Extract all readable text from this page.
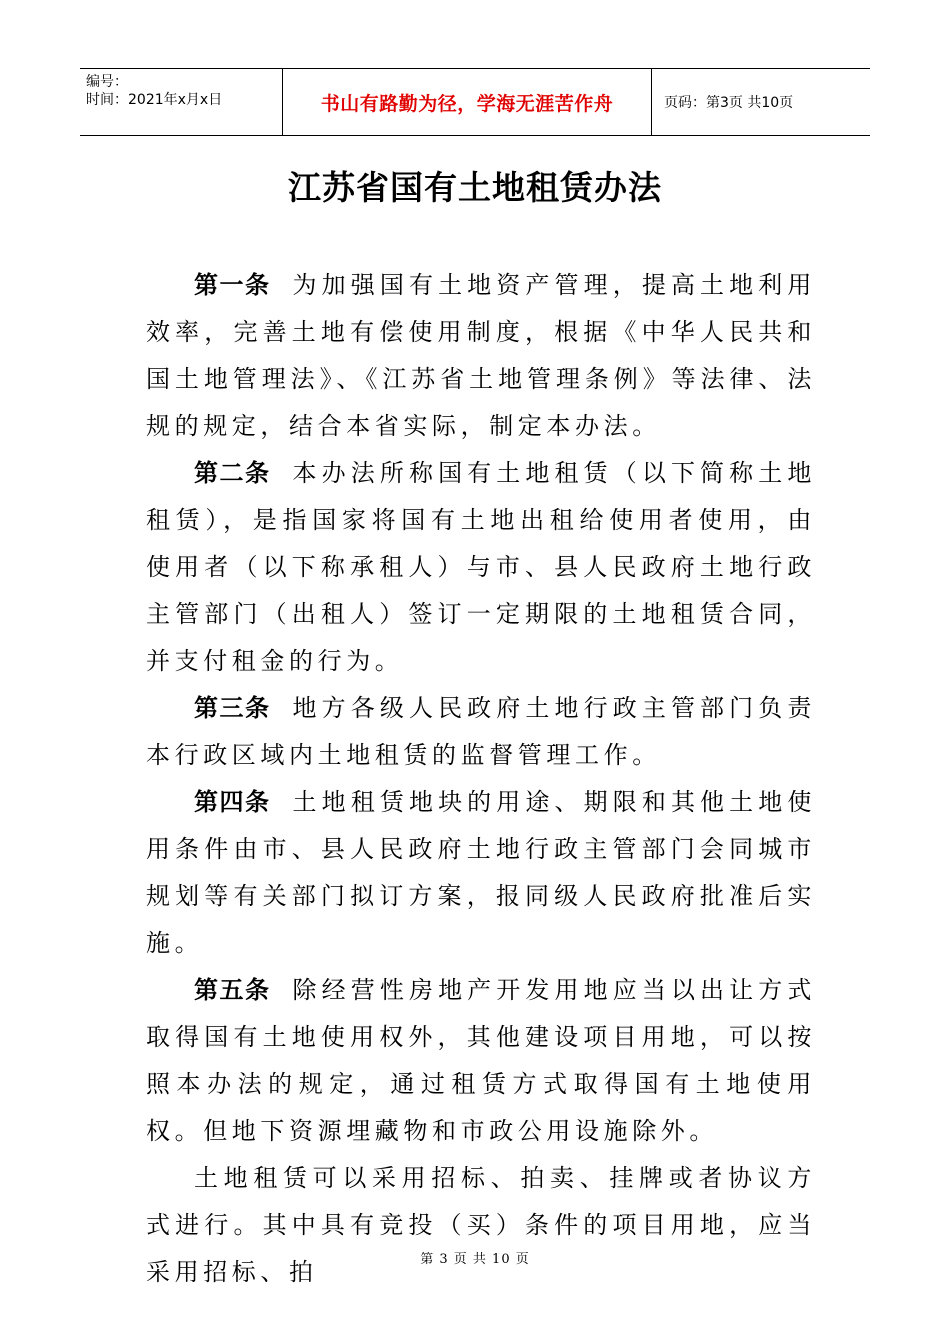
编号：
时间：2021年x月x日	书山有路勤为径，学海无涯苦作舟	页码：第3页 共10页
江苏省国有土地租赁办法

第一条 为加强国有土地资产管理，提高土地利用效率，完善土地有偿使用制度，根据《中华人民共和国土地管理法》、《江苏省土地管理条例》等法律、法规的规定，结合本省实际，制定本办法。

第二条 本办法所称国有土地租赁（以下简称土地租赁），是指国家将国有土地出租给使用者使用，由使用者（以下称承租人）与市、县人民政府土地行政主管部门（出租人）签订一定期限的土地租赁合同，并支付租金的行为。

第三条 地方各级人民政府土地行政主管部门负责本行政区域内土地租赁的监督管理工作。

第四条 土地租赁地块的用途、期限和其他土地使用条件由市、县人民政府土地行政主管部门会同城市规划等有关部门拟订方案，报同级人民政府批准后实施。

第五条 除经营性房地产开发用地应当以出让方式取得国有土地使用权外，其他建设项目用地，可以按照本办法的规定，通过租赁方式取得国有土地使用权。但地下资源埋藏物和市政公用设施除外。

土地租赁可以采用招标、拍卖、挂牌或者协议方式进行。其中具有竞投（买）条件的项目用地，应当采用招标、拍	第 3 页 共 10 页
